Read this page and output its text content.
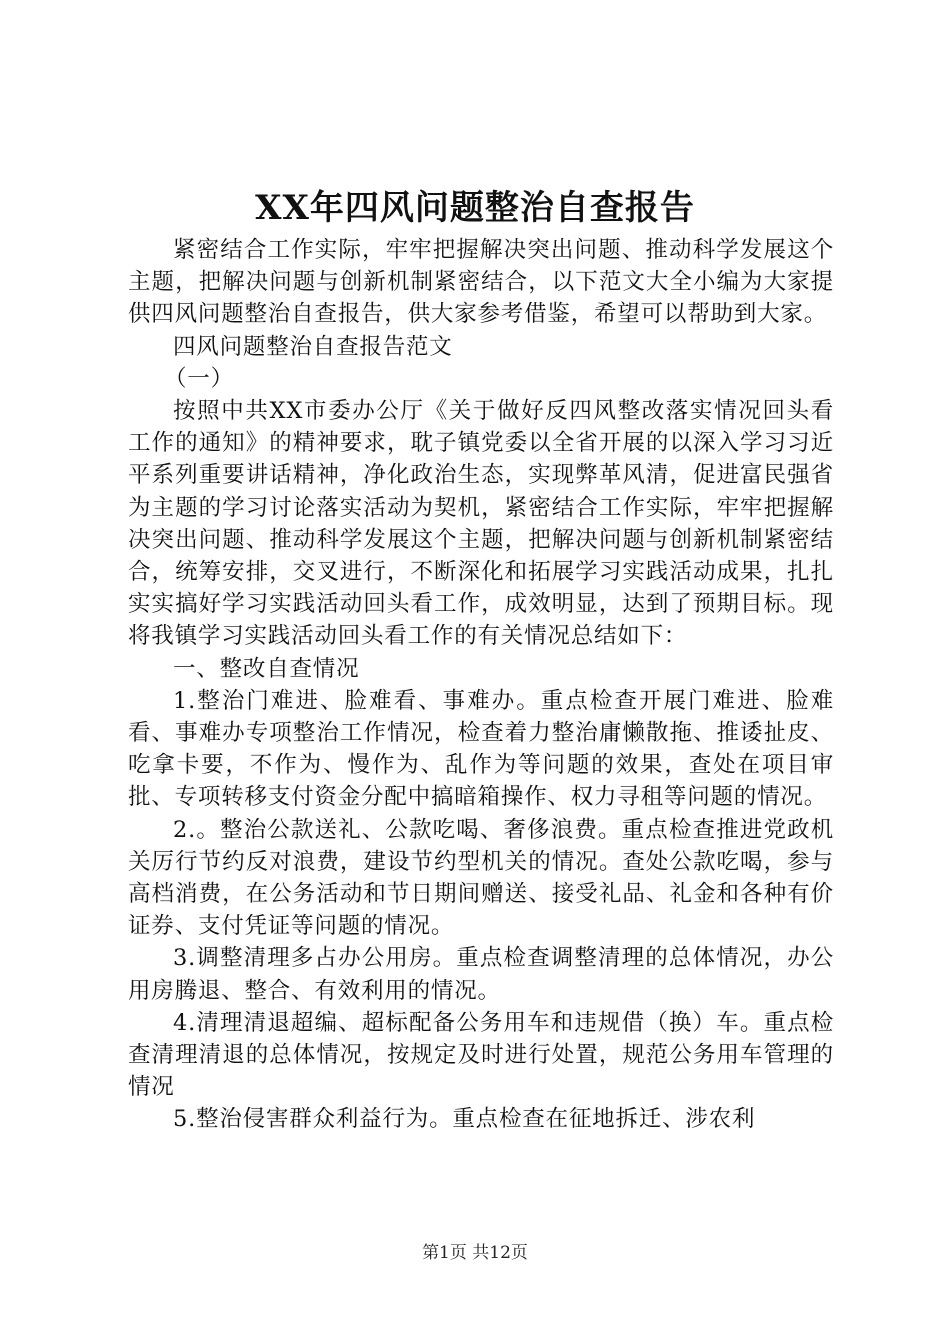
XX年四风问题整治自查报告

紧密结合工作实际，牢牢把握解决突出问题、推动科学发展这个主题，把解决问题与创新机制紧密结合，以下范文大全小编为大家提供四风问题整治自查报告，供大家参考借鉴，希望可以帮助到大家。

四风问题整治自查报告范文

（一）

按照中共XX市委办公厅《关于做好反四风整改落实情况回头看工作的通知》的精神要求，耽子镇党委以全省开展的以深入学习习近平系列重要讲话精神，净化政治生态，实现弊革风清，促进富民强省为主题的学习讨论落实活动为契机，紧密结合工作实际，牢牢把握解决突出问题、推动科学发展这个主题，把解决问题与创新机制紧密结合，统筹安排，交叉进行，不断深化和拓展学习实践活动成果，扎扎实实搞好学习实践活动回头看工作，成效明显，达到了预期目标。现将我镇学习实践活动回头看工作的有关情况总结如下：

一、整改自查情况

1.整治门难进、脸难看、事难办。重点检查开展门难进、脸难看、事难办专项整治工作情况，检查着力整治庸懒散拖、推诿扯皮、吃拿卡要，不作为、慢作为、乱作为等问题的效果，查处在项目审批、专项转移支付资金分配中搞暗箱操作、权力寻租等问题的情况。

2.。整治公款送礼、公款吃喝、奢侈浪费。重点检查推进党政机关厉行节约反对浪费，建设节约型机关的情况。查处公款吃喝，参与高档消费，在公务活动和节日期间赠送、接受礼品、礼金和各种有价证券、支付凭证等问题的情况。

3.调整清理多占办公用房。重点检查调整清理的总体情况，办公用房腾退、整合、有效利用的情况。

4.清理清退超编、超标配备公务用车和违规借（换）车。重点检查清理清退的总体情况，按规定及时进行处置，规范公务用车管理的情况

5.整治侵害群众利益行为。重点检查在征地拆迁、涉农利

第1页 共12页
